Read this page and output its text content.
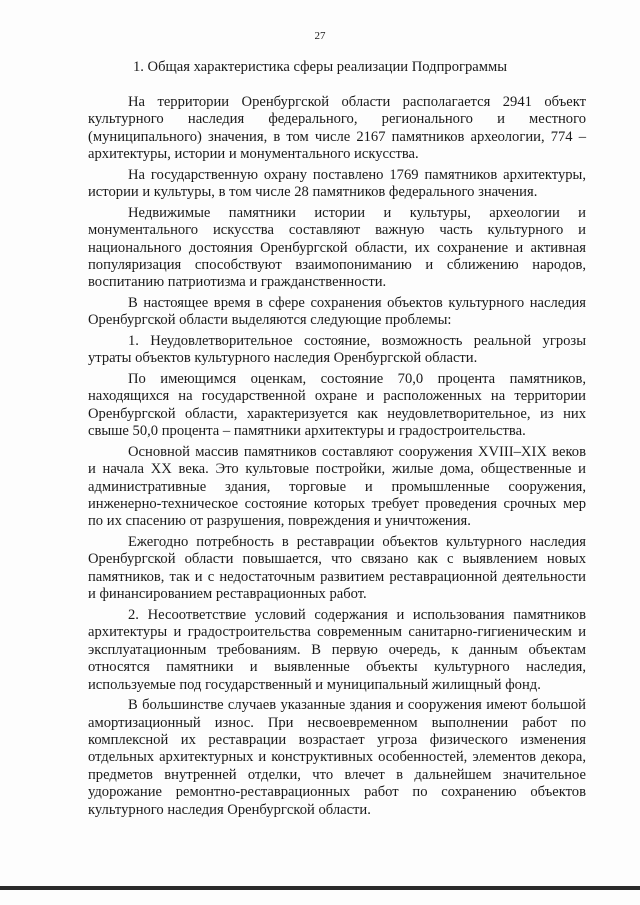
27
1. Общая характеристика сферы реализации Подпрограммы

На территории Оренбургской области располагается 2941 объект культурного наследия федерального, регионального и местного (муниципального) значения, в том числе 2167 памятников археологии, 774 – архитектуры, истории и монументального искусства.

На государственную охрану поставлено 1769 памятников архитектуры, истории и культуры, в том числе 28 памятников федерального значения.

Недвижимые памятники истории и культуры, археологии и монументального искусства составляют важную часть культурного и национального достояния Оренбургской области, их сохранение и активная популяризация способствуют взаимопониманию и сближению народов, воспитанию патриотизма и гражданственности.

В настоящее время в сфере сохранения объектов культурного наследия Оренбургской области выделяются следующие проблемы:

1. Неудовлетворительное состояние, возможность реальной угрозы утраты объектов культурного наследия Оренбургской области.

По имеющимся оценкам, состояние 70,0 процента памятников, находящихся на государственной охране и расположенных на территории Оренбургской области, характеризуется как неудовлетворительное, из них свыше 50,0 процента – памятники архитектуры и градостроительства.

Основной массив памятников составляют сооружения XVIII–XIX веков и начала XX века. Это культовые постройки, жилые дома, общественные и административные здания, торговые и промышленные сооружения, инженерно-техническое состояние которых требует проведения срочных мер по их спасению от разрушения, повреждения и уничтожения.

Ежегодно потребность в реставрации объектов культурного наследия Оренбургской области повышается, что связано как с выявлением новых памятников, так и с недостаточным развитием реставрационной деятельности и финансированием реставрационных работ.

2. Несоответствие условий содержания и использования памятников архитектуры и градостроительства современным санитарно-гигиеническим и эксплуатационным требованиям. В первую очередь, к данным объектам относятся памятники и выявленные объекты культурного наследия, используемые под государственный и муниципальный жилищный фонд.

В большинстве случаев указанные здания и сооружения имеют большой амортизационный износ. При несвоевременном выполнении работ по комплексной их реставрации возрастает угроза физического изменения отдельных архитектурных и конструктивных особенностей, элементов декора, предметов внутренней отделки, что влечет в дальнейшем значительное удорожание ремонтно-реставрационных работ по сохранению объектов культурного наследия Оренбургской области.
